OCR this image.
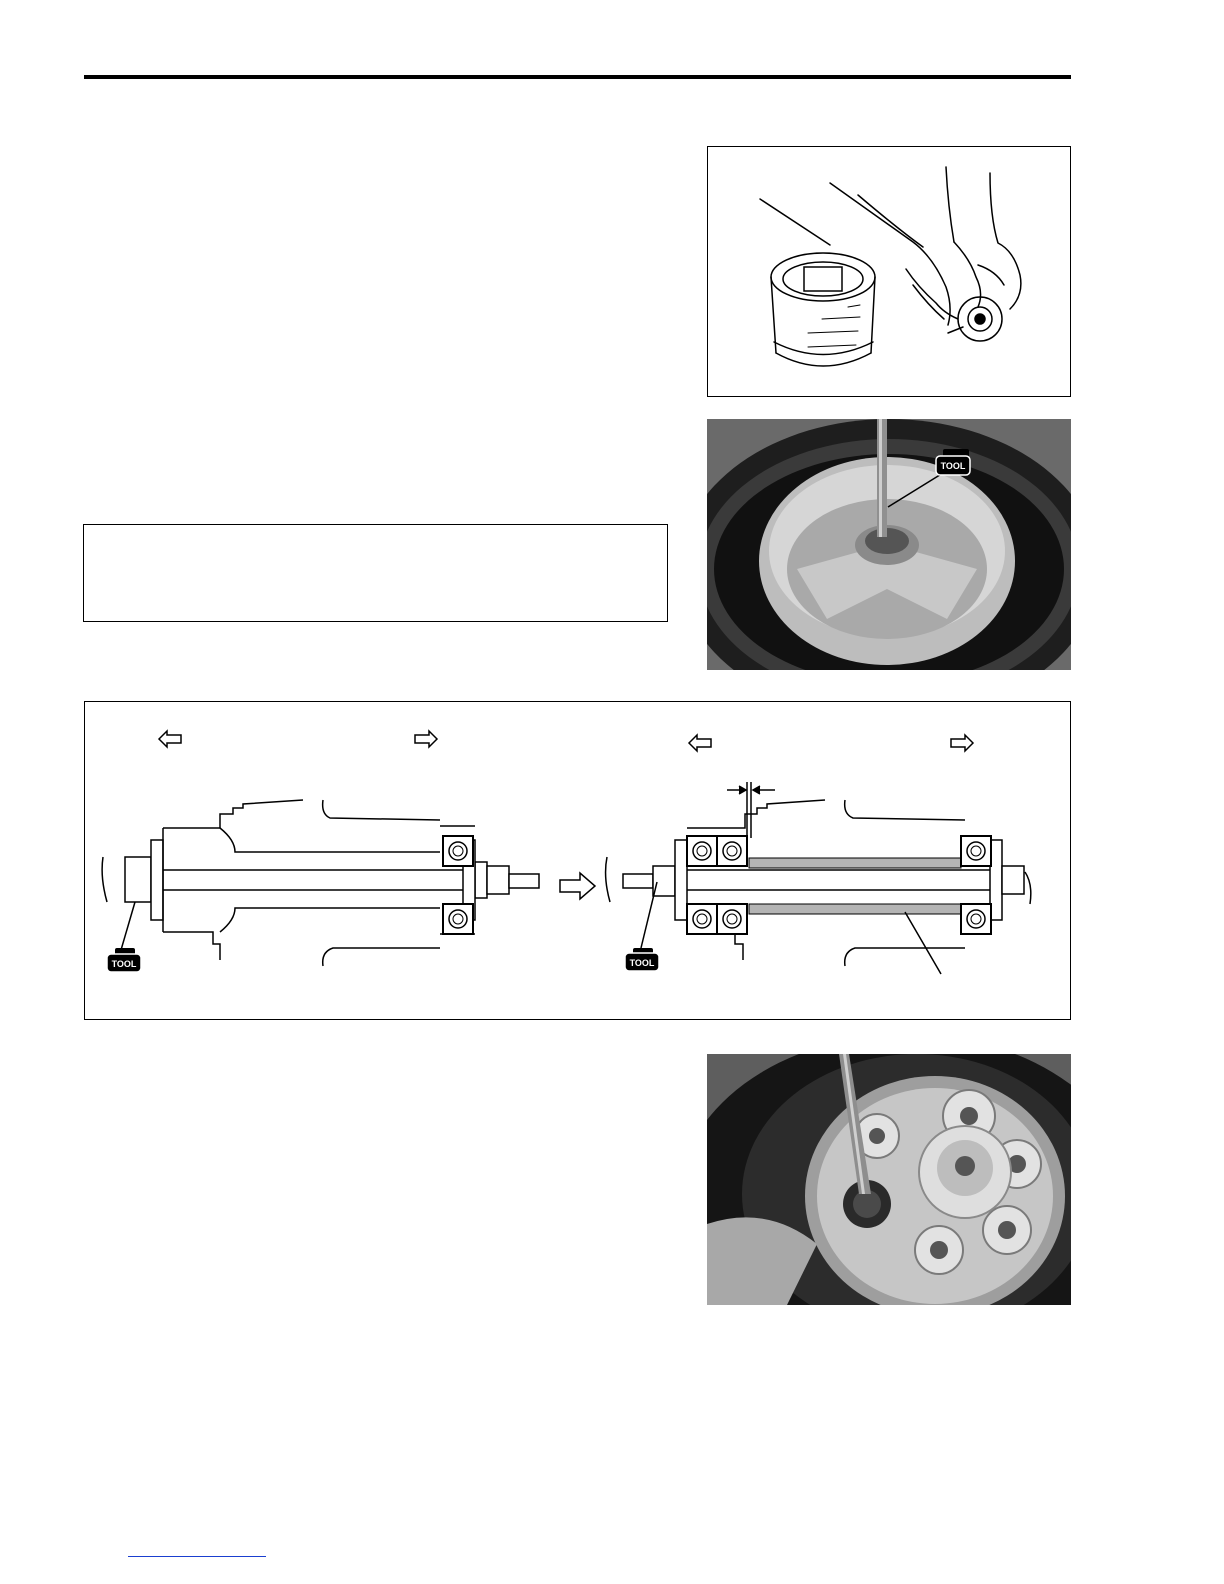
TOOL
TOOL	TOOL
